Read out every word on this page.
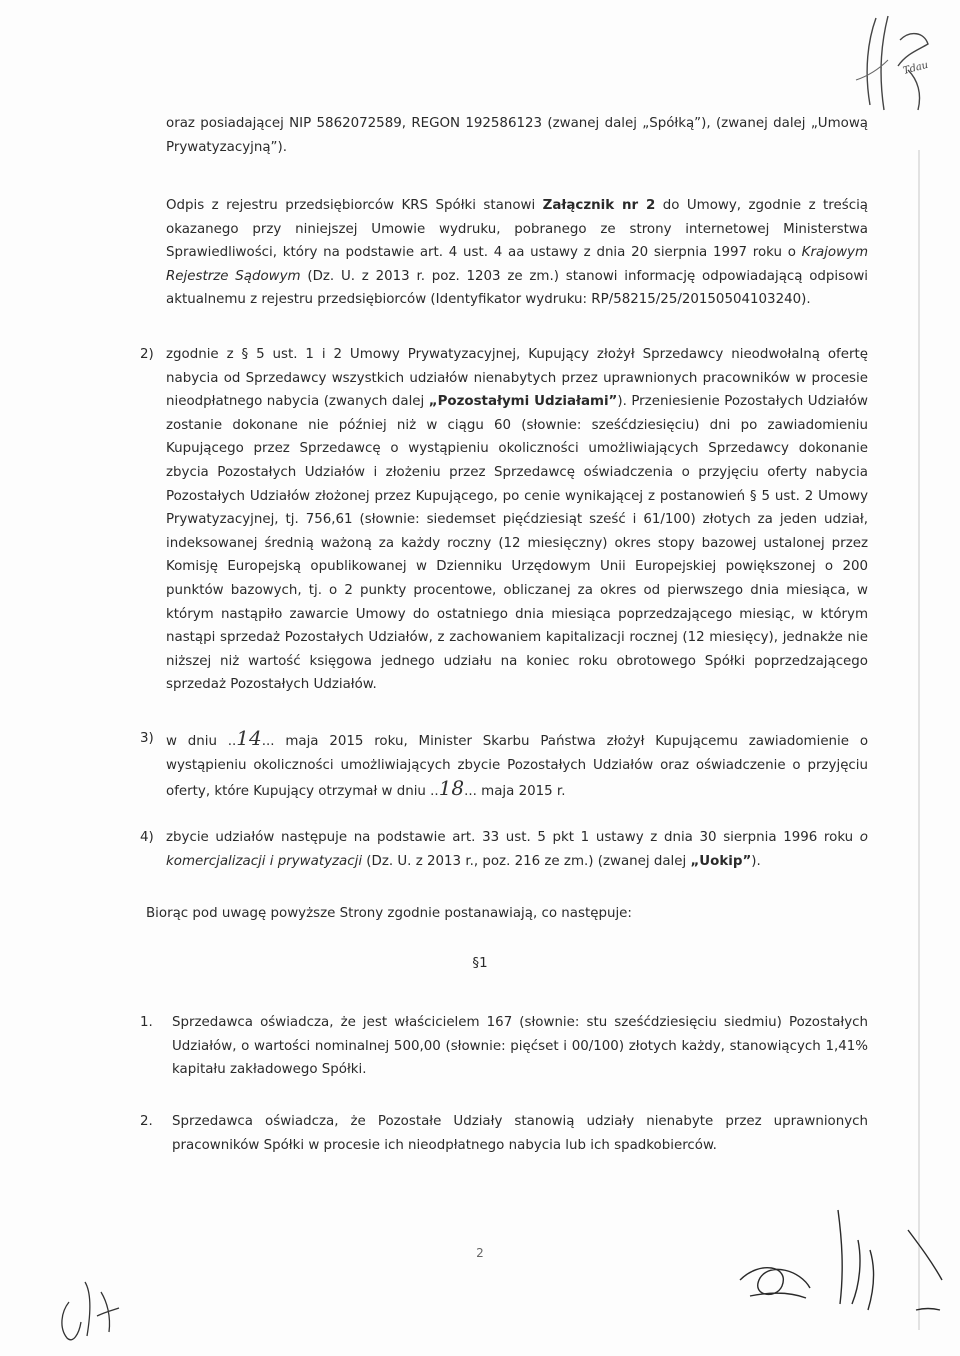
Tdau

oraz posiadającej NIP 5862072589, REGON 192586123 (zwanej dalej „Spółką”), (zwanej dalej „Umową Prywatyzacyjną”).

Odpis z rejestru przedsiębiorców KRS Spółki stanowi Załącznik nr 2 do Umowy, zgodnie z treścią okazanego przy niniejszej Umowie wydruku, pobranego ze strony internetowej Ministerstwa Sprawiedliwości, który na podstawie art. 4 ust. 4 aa ustawy z dnia 20 sierpnia 1997 roku o Krajowym Rejestrze Sądowym (Dz. U. z 2013 r. poz. 1203 ze zm.) stanowi informację odpowiadającą odpisowi aktualnemu z rejestru przedsiębiorców (Identyfikator wydruku: RP/58215/25/20150504103240).

2) zgodnie z § 5 ust. 1 i 2 Umowy Prywatyzacyjnej, Kupujący złożył Sprzedawcy nieodwołalną ofertę nabycia od Sprzedawcy wszystkich udziałów nienabytych przez uprawnionych pracowników w procesie nieodpłatnego nabycia (zwanych dalej „Pozostałymi Udziałami”). Przeniesienie Pozostałych Udziałów zostanie dokonane nie później niż w ciągu 60 (słownie: sześćdziesięciu) dni po zawiadomieniu Kupującego przez Sprzedawcę o wystąpieniu okoliczności umożliwiających Sprzedawcy dokonanie zbycia Pozostałych Udziałów i złożeniu przez Sprzedawcę oświadczenia o przyjęciu oferty nabycia Pozostałych Udziałów złożonej przez Kupującego, po cenie wynikającej z postanowień § 5 ust. 2 Umowy Prywatyzacyjnej, tj. 756,61 (słownie: siedemset pięćdziesiąt sześć i 61/100) złotych za jeden udział, indeksowanej średnią ważoną za każdy roczny (12 miesięczny) okres stopy bazowej ustalonej przez Komisję Europejską opublikowanej w Dzienniku Urzędowym Unii Europejskiej powiększonej o 200 punktów bazowych, tj. o 2 punkty procentowe, obliczanej za okres od pierwszego dnia miesiąca, w którym nastąpiło zawarcie Umowy do ostatniego dnia miesiąca poprzedzającego miesiąc, w którym nastąpi sprzedaż Pozostałych Udziałów, z zachowaniem kapitalizacji rocznej (12 miesięcy), jednakże nie niższej niż wartość księgowa jednego udziału na koniec roku obrotowego Spółki poprzedzającego sprzedaż Pozostałych Udziałów.

3) w dniu ..14... maja 2015 roku, Minister Skarbu Państwa złożył Kupującemu zawiadomienie o wystąpieniu okoliczności umożliwiających zbycie Pozostałych Udziałów oraz oświadczenie o przyjęciu oferty, które Kupujący otrzymał w dniu ..18... maja 2015 r.

4) zbycie udziałów następuje na podstawie art. 33 ust. 5 pkt 1 ustawy z dnia 30 sierpnia 1996 roku o komercjalizacji i prywatyzacji (Dz. U. z 2013 r., poz. 216 ze zm.) (zwanej dalej „Uokip”).

Biorąc pod uwagę powyższe Strony zgodnie postanawiają, co następuje:

§1
1. Sprzedawca oświadcza, że jest właścicielem 167 (słownie: stu sześćdziesięciu siedmiu) Pozostałych Udziałów, o wartości nominalnej 500,00 (słownie: pięćset i 00/100) złotych każdy, stanowiących 1,41% kapitału zakładowego Spółki.

2. Sprzedawca oświadcza, że Pozostałe Udziały stanowią udziały nienabyte przez uprawnionych pracowników Spółki w procesie ich nieodpłatnego nabycia lub ich spadkobierców.

2
